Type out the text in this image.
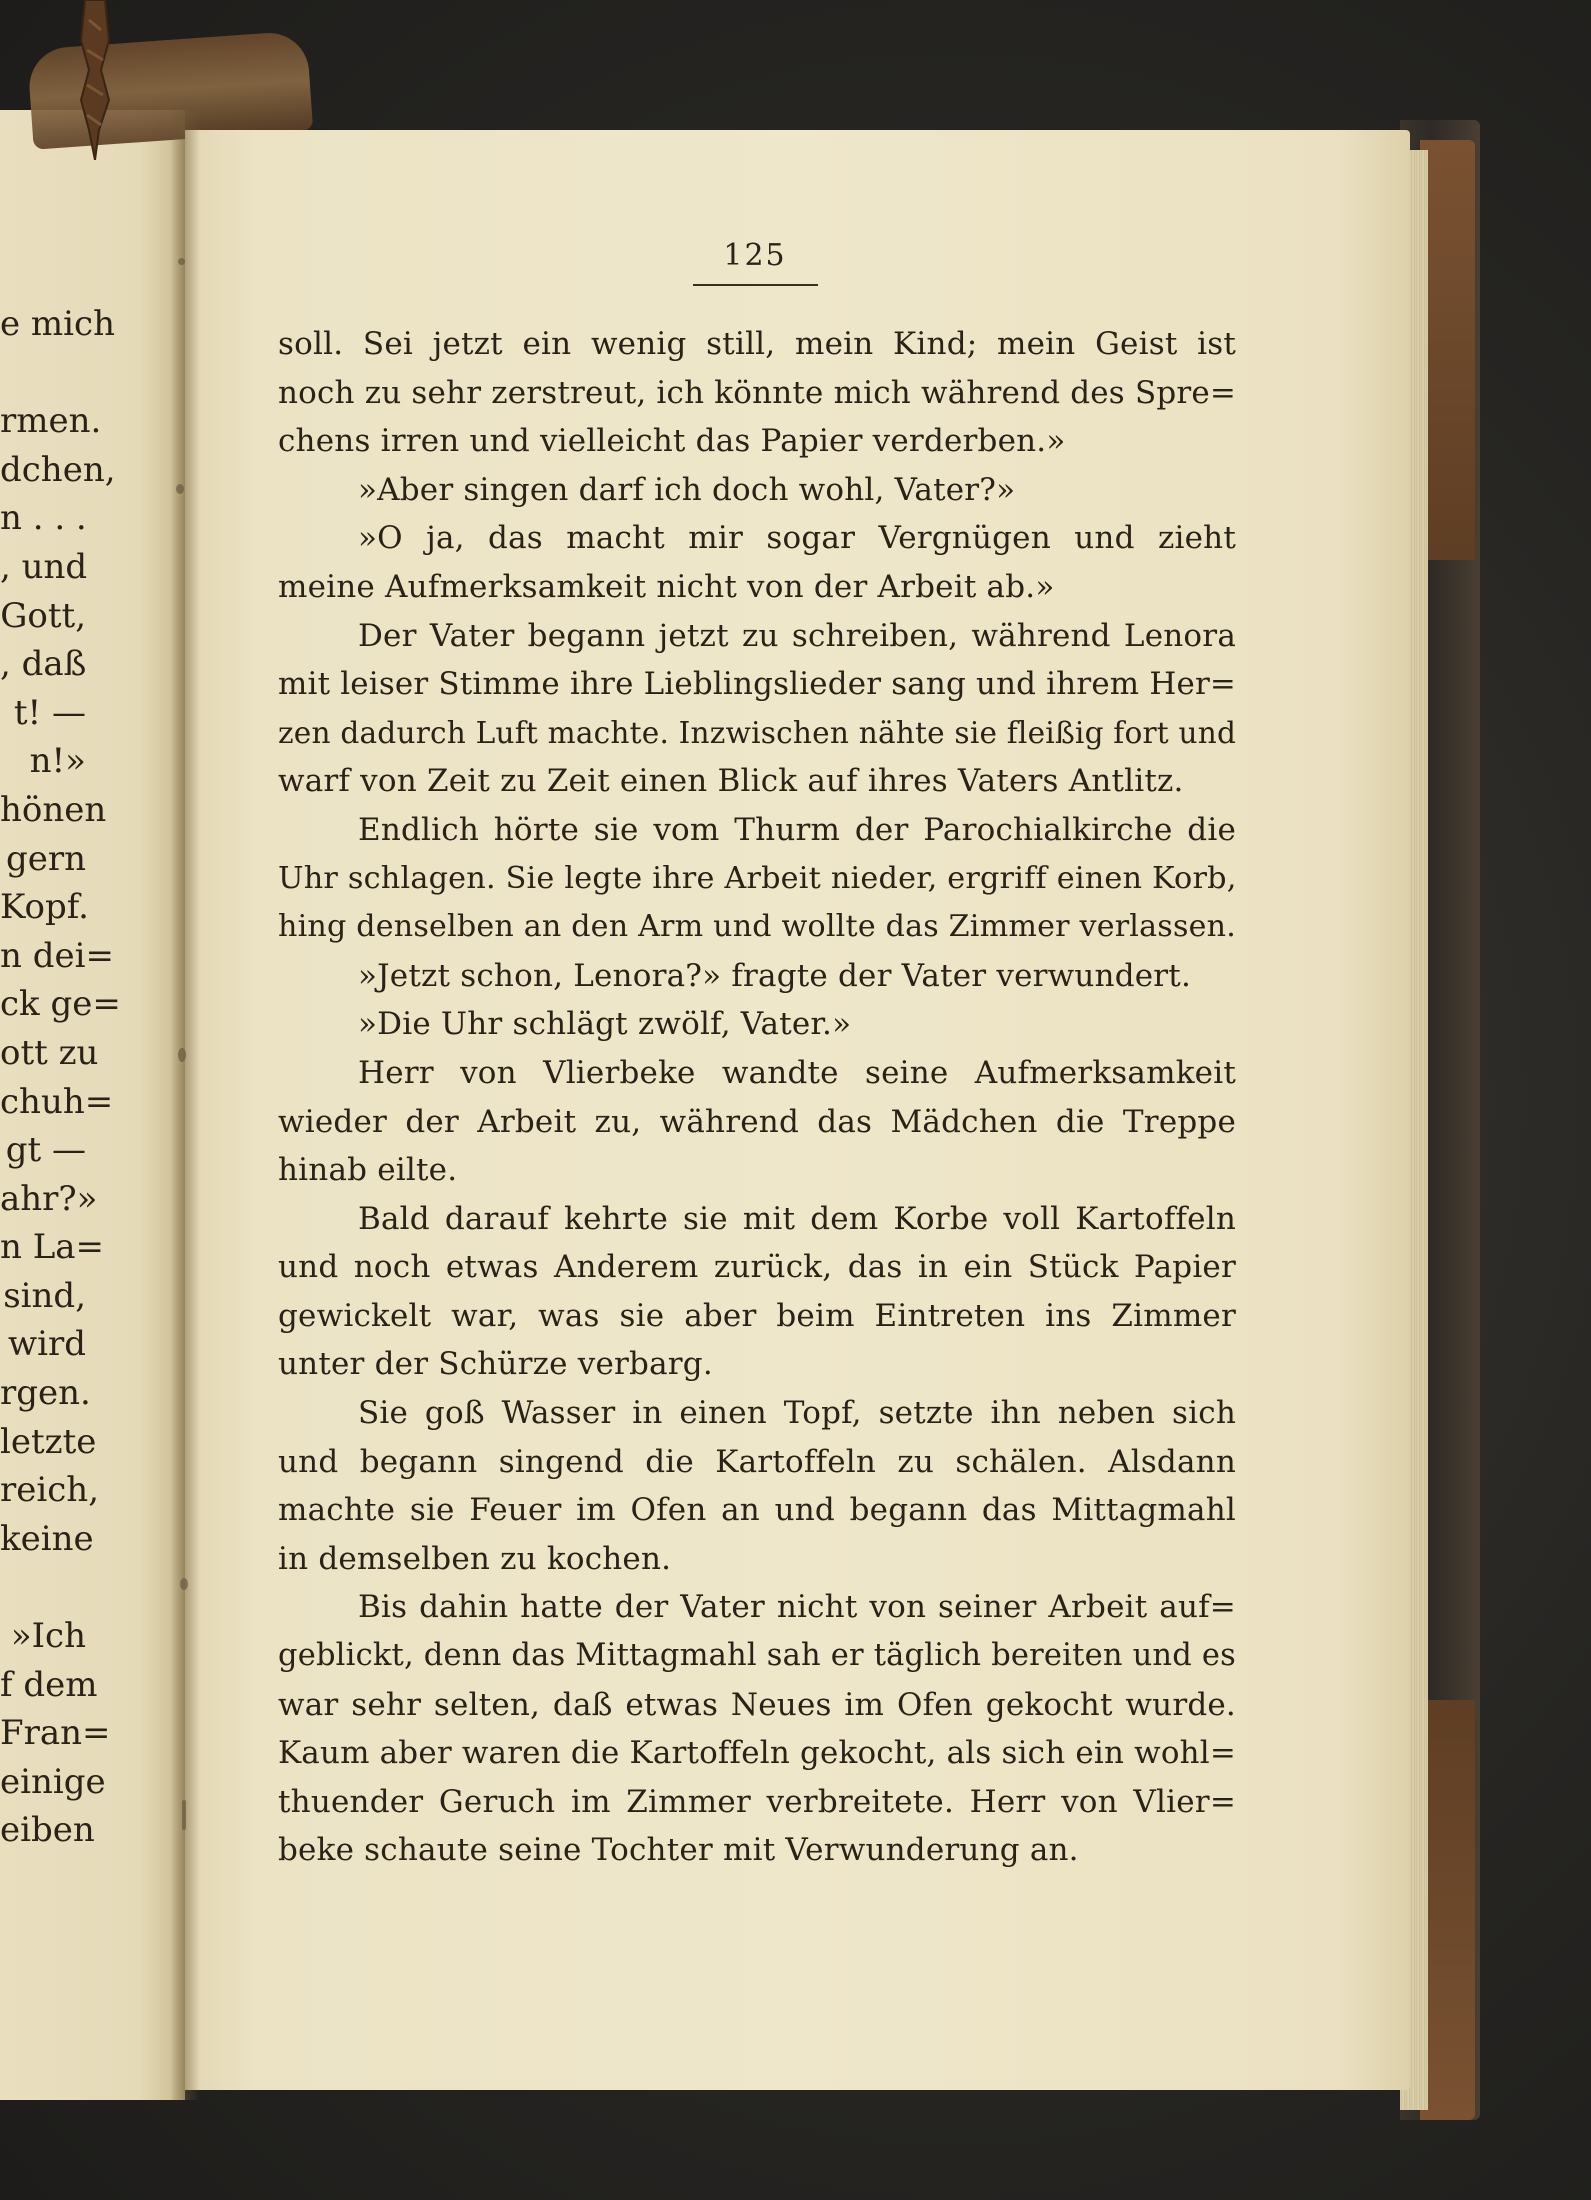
e mich
rmen.
dchen,
n . . .
, und
Gott,
, daß
t! —
n!»
hönen
gern
Kopf.
n dei=
ck ge=
ott zu
chuh=
gt —
ahr?»
n La=
sind,
wird
rgen.
letzte
reich,
keine
»Ich
f dem
Fran=
einige
eiben
125
soll. Sei jetzt ein wenig still, mein Kind; mein Geist ist
noch zu sehr zerstreut, ich könnte mich während des Spre=
chens irren und vielleicht das Papier verderben.»
»Aber singen darf ich doch wohl, Vater?»
»O ja, das macht mir sogar Vergnügen und zieht
meine Aufmerksamkeit nicht von der Arbeit ab.»
Der Vater begann jetzt zu schreiben, während Lenora
mit leiser Stimme ihre Lieblingslieder sang und ihrem Her=
zen dadurch Luft machte. Inzwischen nähte sie fleißig fort und
warf von Zeit zu Zeit einen Blick auf ihres Vaters Antlitz.
Endlich hörte sie vom Thurm der Parochialkirche die
Uhr schlagen. Sie legte ihre Arbeit nieder, ergriff einen Korb,
hing denselben an den Arm und wollte das Zimmer verlassen.
»Jetzt schon, Lenora?» fragte der Vater verwundert.
»Die Uhr schlägt zwölf, Vater.»
Herr von Vlierbeke wandte seine Aufmerksamkeit
wieder der Arbeit zu, während das Mädchen die Treppe
hinab eilte.
Bald darauf kehrte sie mit dem Korbe voll Kartoffeln
und noch etwas Anderem zurück, das in ein Stück Papier
gewickelt war, was sie aber beim Eintreten ins Zimmer
unter der Schürze verbarg.
Sie goß Wasser in einen Topf, setzte ihn neben sich
und begann singend die Kartoffeln zu schälen. Alsdann
machte sie Feuer im Ofen an und begann das Mittagmahl
in demselben zu kochen.
Bis dahin hatte der Vater nicht von seiner Arbeit auf=
geblickt, denn das Mittagmahl sah er täglich bereiten und es
war sehr selten, daß etwas Neues im Ofen gekocht wurde.
Kaum aber waren die Kartoffeln gekocht, als sich ein wohl=
thuender Geruch im Zimmer verbreitete. Herr von Vlier=
beke schaute seine Tochter mit Verwunderung an.
